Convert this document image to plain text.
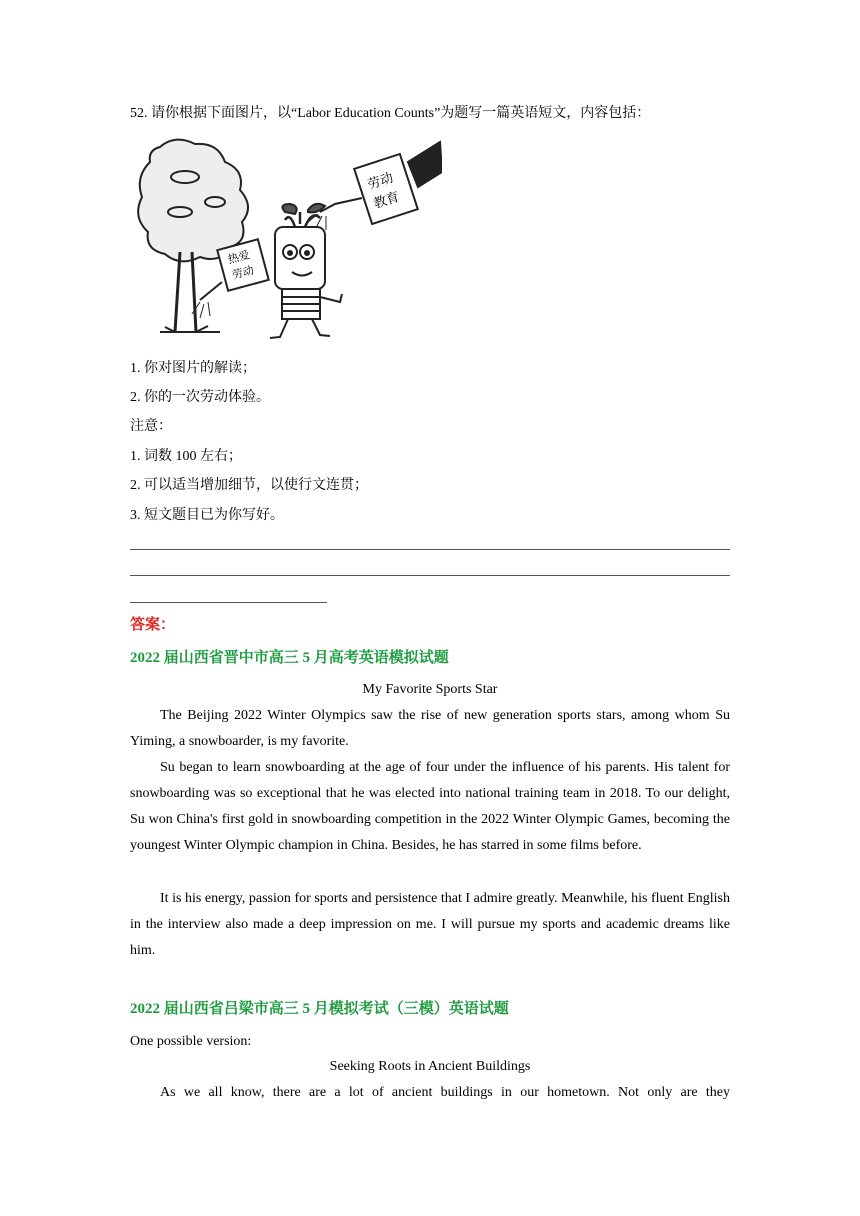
52. 请你根据下面图片，以“Labor Education Counts”为题写一篇英语短文，内容包括：
热爱
劳动
劳动
教育
1. 你对图片的解读；
2. 你的一次劳动体验。
注意：
1. 词数 100 左右；
2. 可以适当增加细节，以使行文连贯；
3. 短文题目已为你写好。
答案：
2022 届山西省晋中市高三 5 月高考英语模拟试题
My Favorite Sports Star
The Beijing 2022 Winter Olympics saw the rise of new generation sports stars, among whom Su Yiming, a snowboarder, is my favorite.
Su began to learn snowboarding at the age of four under the influence of his parents. His talent for snowboarding was so exceptional that he was elected into national training team in 2018. To our delight, Su won China's first gold in snowboarding competition in the 2022 Winter Olympic Games, becoming the youngest Winter Olympic champion in China. Besides, he has starred in some films before.
It is his energy, passion for sports and persistence that I admire greatly. Meanwhile, his fluent English in the interview also made a deep impression on me. I will pursue my sports and academic dreams like him.
2022 届山西省吕梁市高三 5 月模拟考试（三模）英语试题
One possible version:
Seeking Roots in Ancient Buildings
As we all know, there are a lot of ancient buildings in our hometown. Not only are they
